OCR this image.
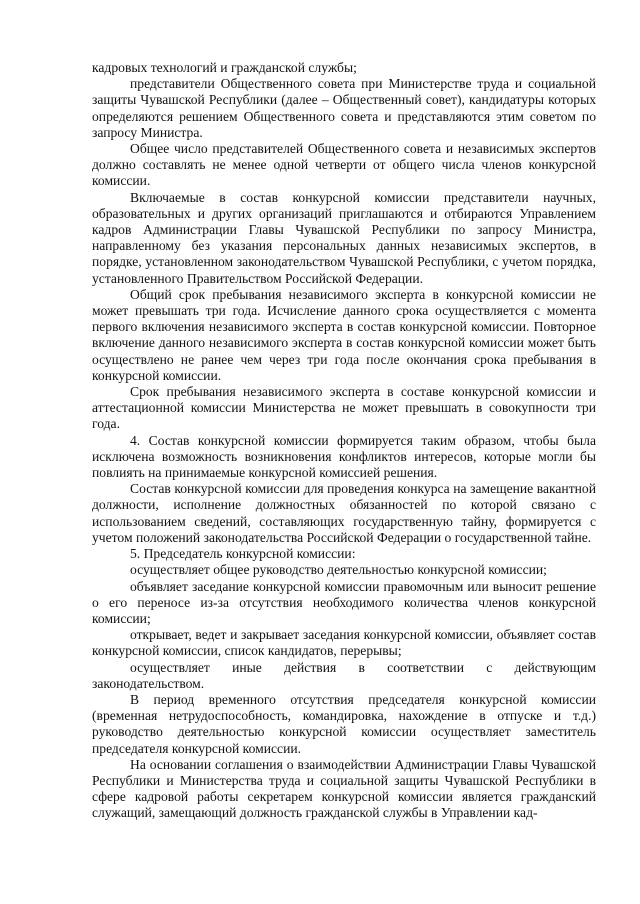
кадровых технологий и гражданской службы;

представители Общественного совета при Министерстве труда и социальной защиты Чувашской Республики (далее – Общественный совет), кандидатуры которых определяются решением Общественного совета и представляются этим советом по запросу Министра.

Общее число представителей Общественного совета и независимых экспертов должно составлять не менее одной четверти от общего числа членов конкурсной комиссии.

Включаемые в состав конкурсной комиссии представители научных, образовательных и других организаций приглашаются и отбираются Управлением кадров Администрации Главы Чувашской Республики по запросу Министра, направленному без указания персональных данных независимых экспертов, в порядке, установленном законодательством Чувашской Республики, с учетом порядка, установленного Правительством Российской Федерации.

Общий срок пребывания независимого эксперта в конкурсной комиссии не может превышать три года. Исчисление данного срока осуществляется с момента первого включения независимого эксперта в состав конкурсной комиссии. Повторное включение данного независимого эксперта в состав конкурсной комиссии может быть осуществлено не ранее чем через три года после окончания срока пребывания в конкурсной комиссии.

Срок пребывания независимого эксперта в составе конкурсной комиссии и аттестационной комиссии Министерства не может превышать в совокупности три года.

4. Состав конкурсной комиссии формируется таким образом, чтобы была исключена возможность возникновения конфликтов интересов, которые могли бы повлиять на принимаемые конкурсной комиссией решения.

Состав конкурсной комиссии для проведения конкурса на замещение вакантной должности, исполнение должностных обязанностей по которой связано с использованием сведений, составляющих государственную тайну, формируется с учетом положений законодательства Российской Федерации о государственной тайне.

5. Председатель конкурсной комиссии:

осуществляет общее руководство деятельностью конкурсной комиссии;

объявляет заседание конкурсной комиссии правомочным или выносит решение о его переносе из-за отсутствия необходимого количества членов конкурсной комиссии;

открывает, ведет и закрывает заседания конкурсной комиссии, объявляет состав конкурсной комиссии, список кандидатов, перерывы;

осуществляет иные действия в соответствии с действующим законодательством.

В период временного отсутствия председателя конкурсной комиссии (временная нетрудоспособность, командировка, нахождение в отпуске и т.д.) руководство деятельностью конкурсной комиссии осуществляет заместитель председателя конкурсной комиссии.

На основании соглашения о взаимодействии Администрации Главы Чувашской Республики и Министерства труда и социальной защиты Чувашской Республики в сфере кадровой работы секретарем конкурсной комиссии является гражданский служащий, замещающий должность гражданской службы в Управлении кад-
